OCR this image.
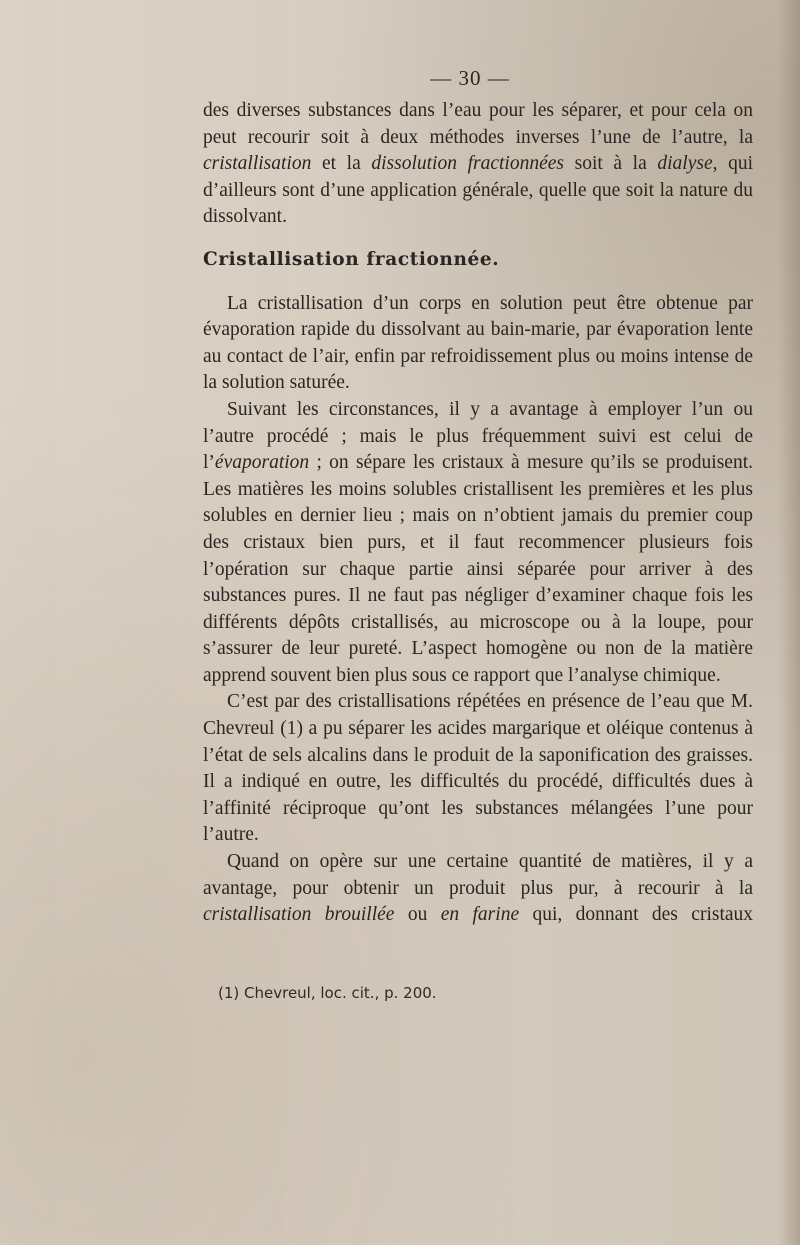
— 30 —

des diverses substances dans l’eau pour les séparer, et pour cela on peut recourir soit à deux méthodes inverses l’une de l’autre, la cristallisation et la dissolution fractionnées soit à la dialyse, qui d’ailleurs sont d’une application générale, quelle que soit la nature du dissolvant.

Cristallisation fractionnée.

La cristallisation d’un corps en solution peut être obtenue par évaporation rapide du dissolvant au bain-marie, par évaporation lente au contact de l’air, enfin par refroidissement plus ou moins intense de la solution saturée.

Suivant les circonstances, il y a avantage à employer l’un ou l’autre procédé ; mais le plus fréquemment suivi est celui de l’évaporation ; on sépare les cristaux à mesure qu’ils se produisent. Les matières les moins solubles cristallisent les premières et les plus solubles en dernier lieu ; mais on n’obtient jamais du premier coup des cristaux bien purs, et il faut recommencer plusieurs fois l’opération sur chaque partie ainsi séparée pour arriver à des substances pures. Il ne faut pas négliger d’examiner chaque fois les différents dépôts cristallisés, au microscope ou à la loupe, pour s’assurer de leur pureté. L’aspect homogène ou non de la matière apprend souvent bien plus sous ce rapport que l’analyse chimique.

C’est par des cristallisations répétées en présence de l’eau que M. Chevreul (1) a pu séparer les acides margarique et oléique contenus à l’état de sels alcalins dans le produit de la saponification des graisses. Il a indiqué en outre, les difficultés du procédé, difficultés dues à l’affinité réciproque qu’ont les substances mélangées l’une pour l’autre.

Quand on opère sur une certaine quantité de matières, il y a avantage, pour obtenir un produit plus pur, à recourir à la cristallisation brouillée ou en farine qui, donnant des cristaux

(1) Chevreul, loc. cit., p. 200.
